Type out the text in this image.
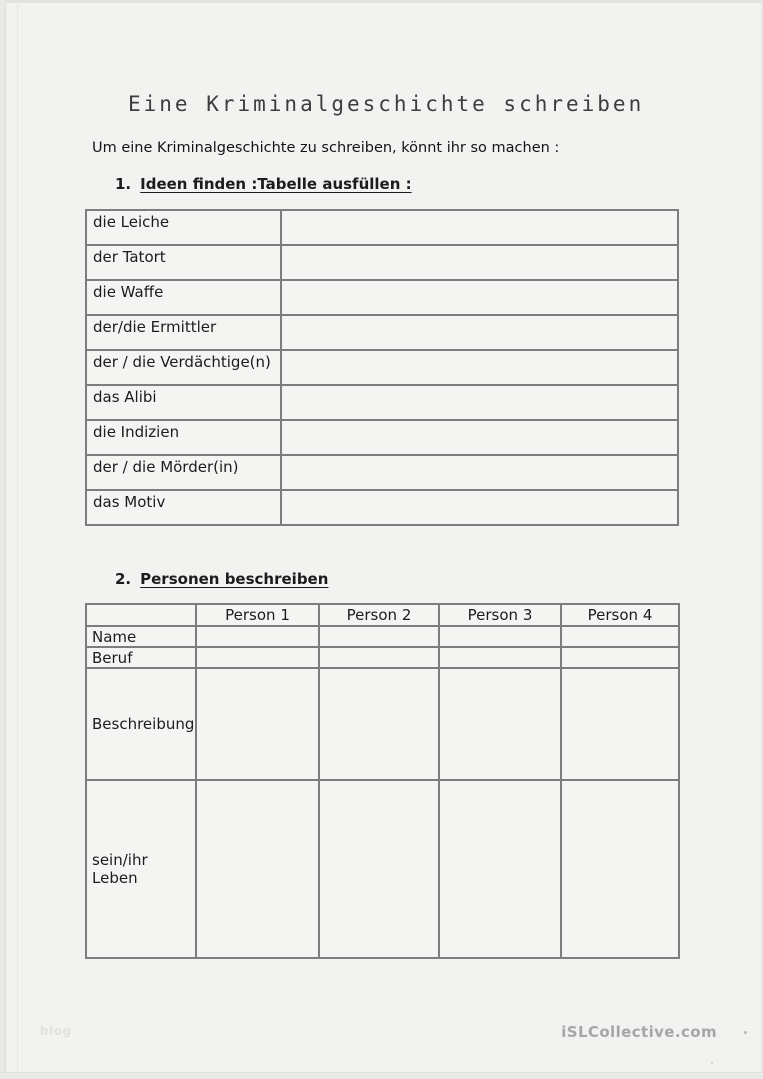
Eine Kriminalgeschichte schreiben

Um eine Kriminalgeschichte zu schreiben, könnt ihr so machen :

1. Ideen finden :Tabelle ausfüllen :
die Leiche	
der Tatort	
die Waffe	
der/die Ermittler	
der / die Verdächtige(n)	
das Alibi	
die Indizien	
der / die Mörder(in)	
das Motiv	
2. Personen beschreiben
	Person 1	Person 2	Person 3	Person 4
Name				
Beruf				
Beschreibung				
sein/ihr Leben				
blog	iSLCollective.com
